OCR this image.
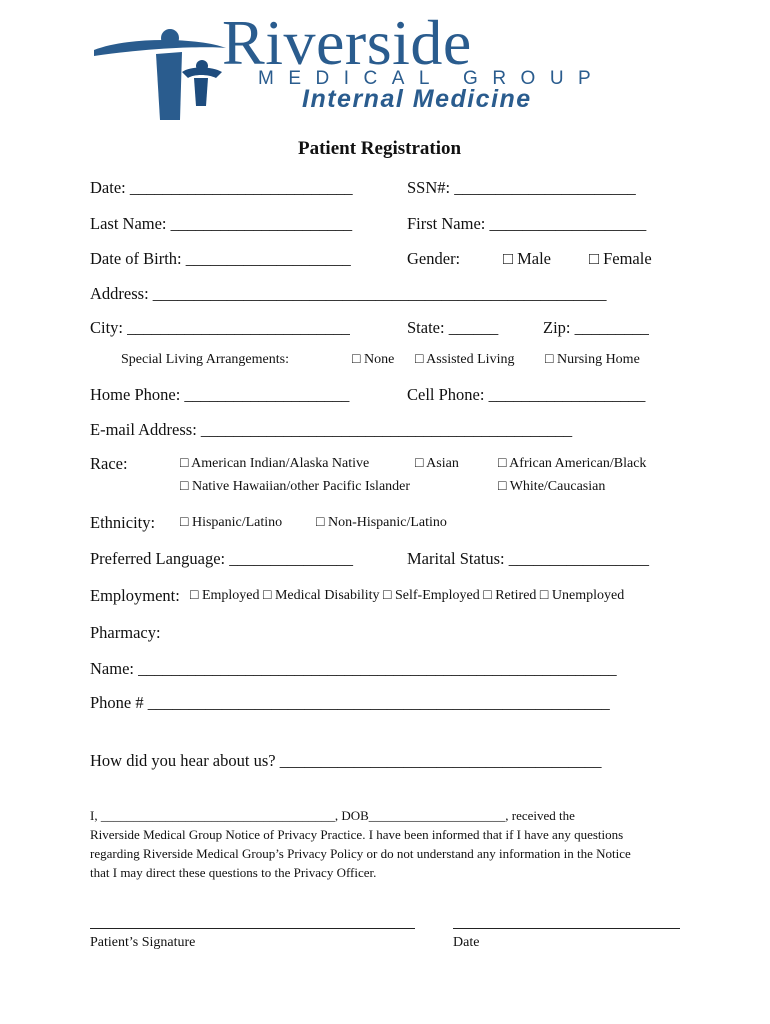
Riverside
MEDICAL GROUP
Internal Medicine
Patient Registration
Date: ___________________________	SSN#: ______________________
Last Name: ______________________	First Name: ___________________
Date of Birth: ____________________	Gender:	□ Male □ Female
Address: _______________________________________________________
City: ___________________________	State: ______	Zip: _________
Special Living Arrangements:	□ None □ Assisted Living □ Nursing Home
Home Phone: ____________________	Cell Phone: ___________________
E-mail Address: _____________________________________________
Race:	□ American Indian/Alaska Native	□ Asian	□ African American/Black
□ Native Hawaiian/other Pacific Islander	□ White/Caucasian
Ethnicity: □ Hispanic/Latino □ Non-Hispanic/Latino
Preferred Language: _______________	Marital Status: _________________
Employment: □ Employed □ Medical Disability □ Self-Employed □ Retired □ Unemployed
Pharmacy:
Name: __________________________________________________________
Phone # ________________________________________________________
How did you hear about us? _______________________________________
I, ____________________________________, DOB_____________________, received the
Riverside Medical Group Notice of Privacy Practice. I have been informed that if I have any questions
regarding Riverside Medical Group’s Privacy Policy or do not understand any information in the Notice
that I may direct these questions to the Privacy Officer.
Patient’s Signature	Date
